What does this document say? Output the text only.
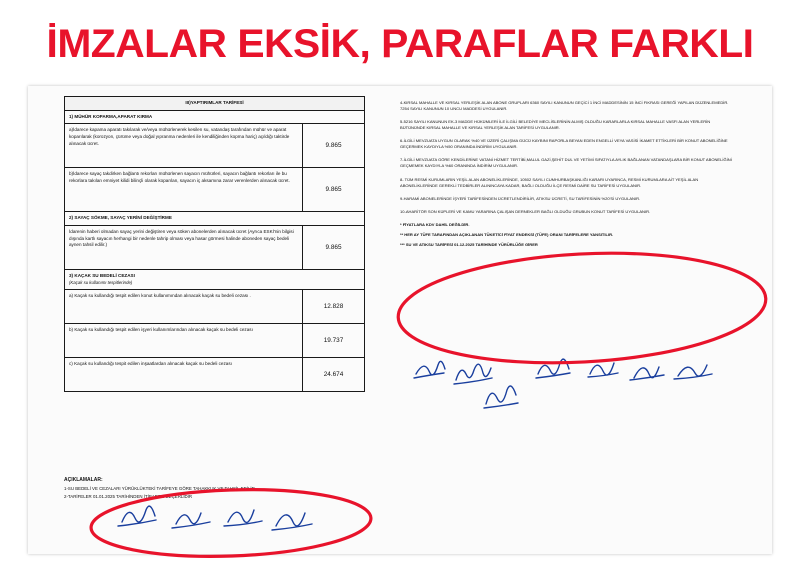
İMZALAR EKSİK, PARAFLAR FARKLI
III)YAPTIRIMLAR TARİFESİ	
1) MÜHÜR KOPARMA,APARAT KIRMA	
a)İdarece kapama aparatı takılarak ve/veya mühürlenerek kesilen su, vatandaş tarafından mühür ve aparat koparılarak (korozyon, çürüme veya doğal yıpranma nedenleri ile kendiliğinden kopma hariç) açıldığı taktirde alınacak ücret.	9.865
b)İdarece sayaç takdirken bağlantı rekorları mühürlenen sayacın mühürleri, sayacın bağlantı rekorları ile bu rekorlara takılan emniyet kilidi bilinçli olarak koparılan, sayacın iç aksamına zarar verenlerden alınacak ücret.	9.865
2) SAYAÇ SÖKME, SAYAÇ YERİNİ DEĞİŞTİRME	
İdarenin haberi olmadan sayaç yerini değiştiren veya söken abonelerden alınacak ücret (Ayrıca ESKİ'nin bilgisi dışında kartlı sayacın herhangi bir nedenle tahrip olması veya hasar görmesi halinde aboneden sayaç bedeli aynen tahsil edilir.)	9.865
3) KAÇAK SU BEDELİ CEZASI
(Kaçak su kullanımı tespitlerinde)	
a) Kaçak su kullandığı tespit edilen konut kullanımından alınacak kaçak su bedeli cezası .	12.828
b) Kaçak su kullandığı tespit edilen işyeri kullanımlarından alınacak kaçak su bedeli cezası	19.737
c) Kaçak su kullandığı tespit edilen inşaatlardan alınacak kaçak su bedeli cezası	24.674
AÇIKLAMALAR:
1-SU BEDELİ VE CEZALARI YÜRÜKLÜKTEKİ TARİFEYE GÖRE TAHAKKUK VE TAHSİL EDİLİR.
2-TARİFELER 01.01.2025 TARİHİNDEN İTİBAREN GEÇERLİDİR

4-KIRSAL MAHALLE VE KIRSAL YERLEŞİK ALAN ABONE GRUPLARI 6360 SAYILI KANUNUN GEÇİCİ 1 İNCİ MADDESİNİN 15 İNCİ FIKRASI GEREĞİ YAPILAN DÜZENLEMEDİR. 7254 SAYILI KANUNUN 10 UNCU MADDESİ UYGULANIR.

5-5216 SAYILI KANUNUN EK-3 MADDE HÜKÜMLERİ İLE İLGİLİ BELEDİYE MECLİSLERİNİN ALMIŞ OLDUĞU KARARLARLA KIRSAL MAHALLE VASFI ALAN YERLERİN BÜTÜNÜNDE KIRSAL MAHALLE VE KIRSAL YERLEŞİK ALAN TARİFESİ UYGULANIR.

6-İLGİLİ MEVZUATA UYGUN OLARAK %40 VE ÜZERİ ÇALIŞMA GÜCÜ KAYBINI RAPORLA BEYAN EDEN ENGELLİ VEYA VASİSİ İKAMET ETTİKLERİ BİR KONUT ABONELİĞİNE GEÇERMEK KAYDIYLA %50 ORANINDA İNDİRİM UYGULANIR.

7-İLGİLİ MEVZUATA GÖRE KENDİLERİNE VATANİ HİZMET TERTİBİ,MALUL GAZİ,ŞEHİT DUL VE YETİMİ SIFATIYLA AYLIK BAĞLANAN VATANDAŞLARA BİR KONUT ABONELİĞİNİ GEÇMEMEK KAYDIYLA %60 ORANINDA İNDİRİM UYGULANIR.

8- TÜM RESMİ KURUMLARIN YEŞİL ALAN ABONELİKLERİNDE, 10502 SAYILI CUMHURBAŞKANLIĞI KARARI UYARINCA, RESMİ KURUMLARA AİT YEŞİL ALAN ABONELİKLERİNDE GEREKLİ TEDBİRLER ALININCAYA KADAR, BAĞLI OLDUĞU İLÇE RESMİ DAİRE SU TARİFESİ UYGULANIR.

9-HARAMİ ABONELERİNDE İŞYERİ TARİFESİNDEN ÜCRETLENDİRİLİR, ATIKSU ÜCRETİ, SU TARİFESİNİN %20'Sİ UYGULANIR.

10-AHARİTÖR SON KÜPLERİ VE KAMU YARARINA ÇALIŞAN DERNEKLER BAĞLI OLDUĞU GRUBUN KONUT TARİFESİ UYGULANIR.

* FİYATLARA KDV DAHİL DEĞİLDİR.

** HER AY TÜFE TARAFINDAN AÇIKLANAN TÜKETİCİ FİYAT ENDEKSİ (TÜFE) ORANI TARİFELERE YANSITILIR.

*** SU VE ATIKSU TARİFESİ 01.12.2025 TARİHİNDE YÜRÜRLÜĞE GİRER
